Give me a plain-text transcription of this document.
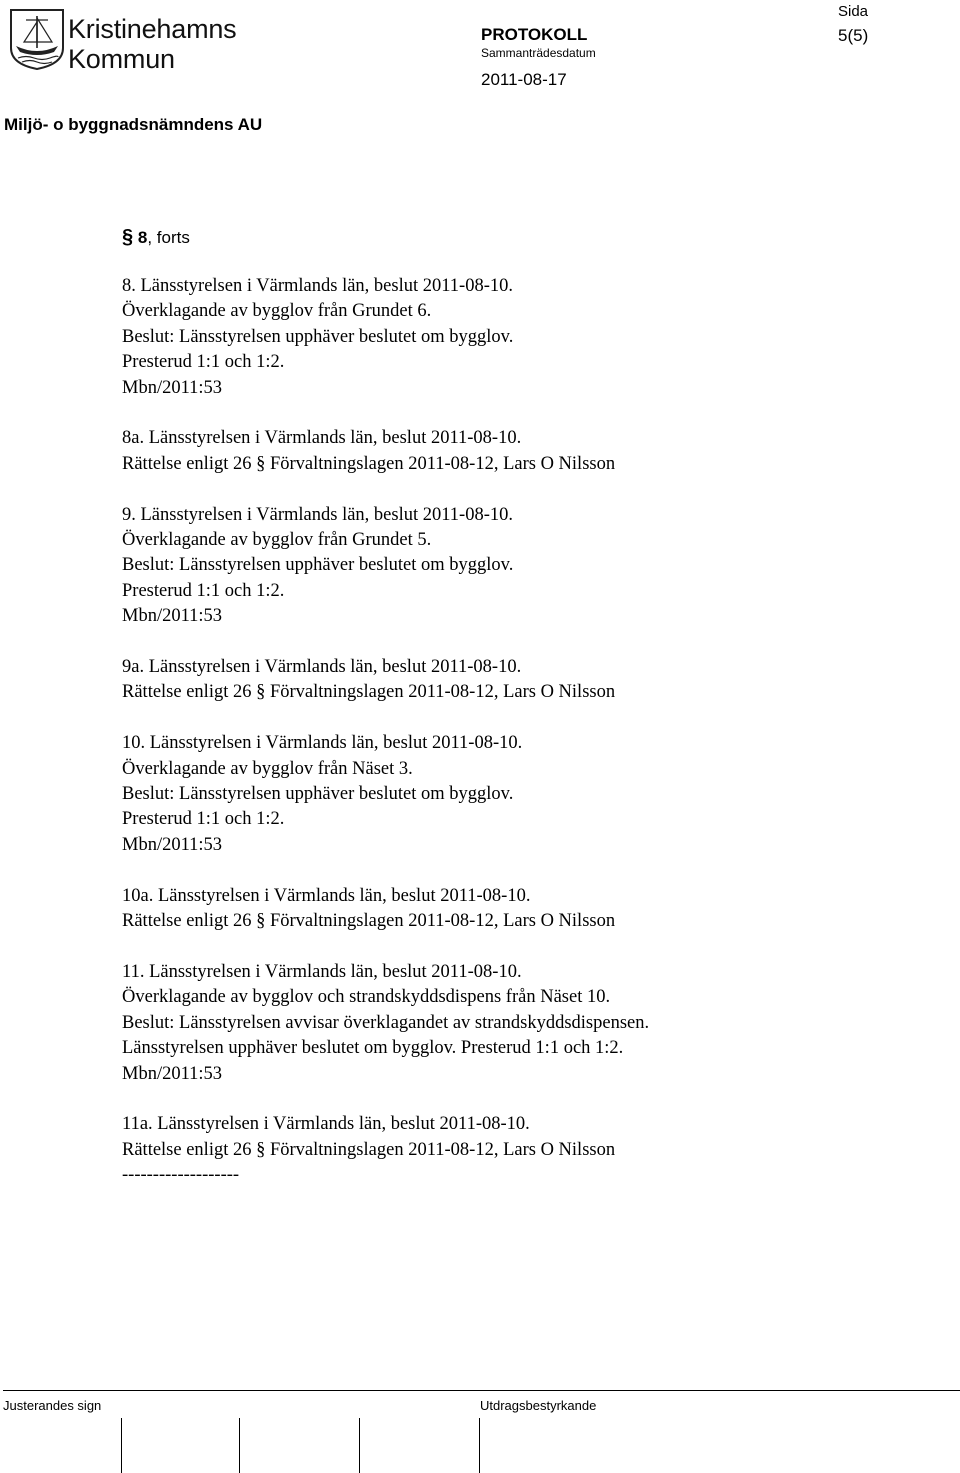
Kristinehamns
Kommun
Sida
5(5)
PROTOKOLL
Sammanträdesdatum
2011-08-17
Miljö- o byggnadsnämndens AU
§ 8, forts
8. Länsstyrelsen i Värmlands län, beslut 2011-08-10.
Överklagande av bygglov från Grundet 6.
Beslut: Länsstyrelsen upphäver beslutet om bygglov.
Presterud 1:1 och 1:2.
Mbn/2011:53
8a. Länsstyrelsen i Värmlands län, beslut 2011-08-10.
Rättelse enligt 26 § Förvaltningslagen 2011-08-12, Lars O Nilsson
9. Länsstyrelsen i Värmlands län, beslut 2011-08-10.
Överklagande av bygglov från Grundet 5.
Beslut: Länsstyrelsen upphäver beslutet om bygglov.
Presterud 1:1 och 1:2.
Mbn/2011:53
9a. Länsstyrelsen i Värmlands län, beslut 2011-08-10.
Rättelse enligt 26 § Förvaltningslagen 2011-08-12, Lars O Nilsson
10. Länsstyrelsen i Värmlands län, beslut 2011-08-10.
Överklagande av bygglov från Näset 3.
Beslut: Länsstyrelsen upphäver beslutet om bygglov.
Presterud 1:1 och 1:2.
Mbn/2011:53
10a. Länsstyrelsen i Värmlands län, beslut 2011-08-10.
Rättelse enligt 26 § Förvaltningslagen 2011-08-12, Lars O Nilsson
11. Länsstyrelsen i Värmlands län, beslut 2011-08-10.
Överklagande av bygglov och strandskyddsdispens från Näset 10.
Beslut: Länsstyrelsen avvisar överklagandet av strandskyddsdispensen.
Länsstyrelsen upphäver beslutet om bygglov. Presterud 1:1 och 1:2.
Mbn/2011:53
11a. Länsstyrelsen i Värmlands län, beslut 2011-08-10.
Rättelse enligt 26 § Förvaltningslagen 2011-08-12, Lars O Nilsson
-------------------
Justerandes sign	Utdragsbestyrkande
